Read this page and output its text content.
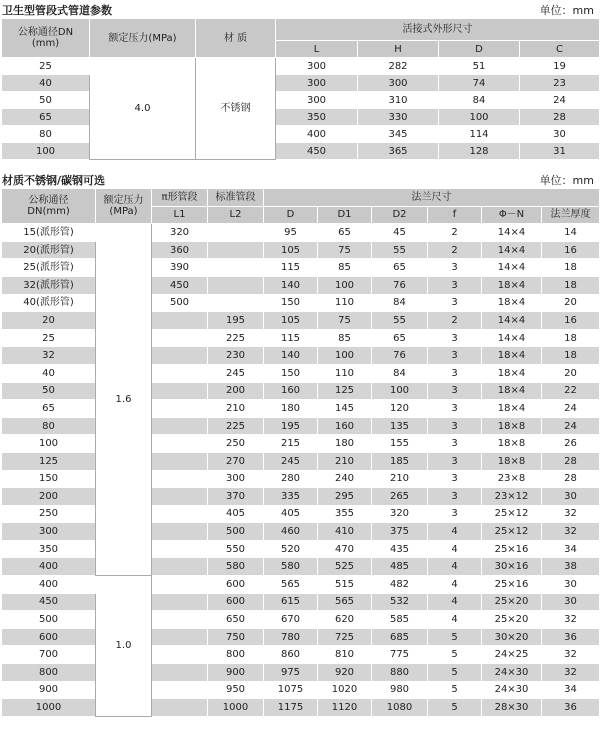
卫生型管段式管道参数	单位：mm
公称通径DN
(mm)	额定压力(MPa)	材 质	活接式外形尺寸			
			L	H	D	C
25	4.0	不锈钢	300	282	51	19
40			300	300	74	23
50			300	310	84	24
65			350	330	100	28
80			400	345	114	30
100			450	365	128	31
材质不锈钢/碳钢可选	单位：mm
公称通径
DN(mm)	额定压力
(MPa)	π形管段	标准管段	法兰尺寸					
		L1	L2	D	D1	D2	f	Φ－N	法兰厚度
15(派形管)	1.6	320		95	65	45	2	14×4	14
20(派形管)		360		105	75	55	2	14×4	16
25(派形管)		390		115	85	65	3	14×4	18
32(派形管)		450		140	100	76	3	18×4	18
40(派形管)		500		150	110	84	3	18×4	20
20			195	105	75	55	2	14×4	16
25			225	115	85	65	3	14×4	18
32			230	140	100	76	3	18×4	18
40			245	150	110	84	3	18×4	20
50			200	160	125	100	3	18×4	22
65			210	180	145	120	3	18×4	24
80			225	195	160	135	3	18×8	24
100			250	215	180	155	3	18×8	26
125			270	245	210	185	3	18×8	28
150			300	280	240	210	3	23×8	28
200			370	335	295	265	3	23×12	30
250			405	405	355	320	3	25×12	32
300			500	460	410	375	4	25×12	32
350			550	520	470	435	4	25×16	34
400			580	580	525	485	4	30×16	38
400	1.0		600	565	515	482	4	25×16	30
450			600	615	565	532	4	25×20	30
500			650	670	620	585	4	25×20	32
600			750	780	725	685	5	30×20	36
700			800	860	810	775	5	24×25	32
800			900	975	920	880	5	24×30	32
900			950	1075	1020	980	5	24×30	34
1000			1000	1175	1120	1080	5	28×30	36
